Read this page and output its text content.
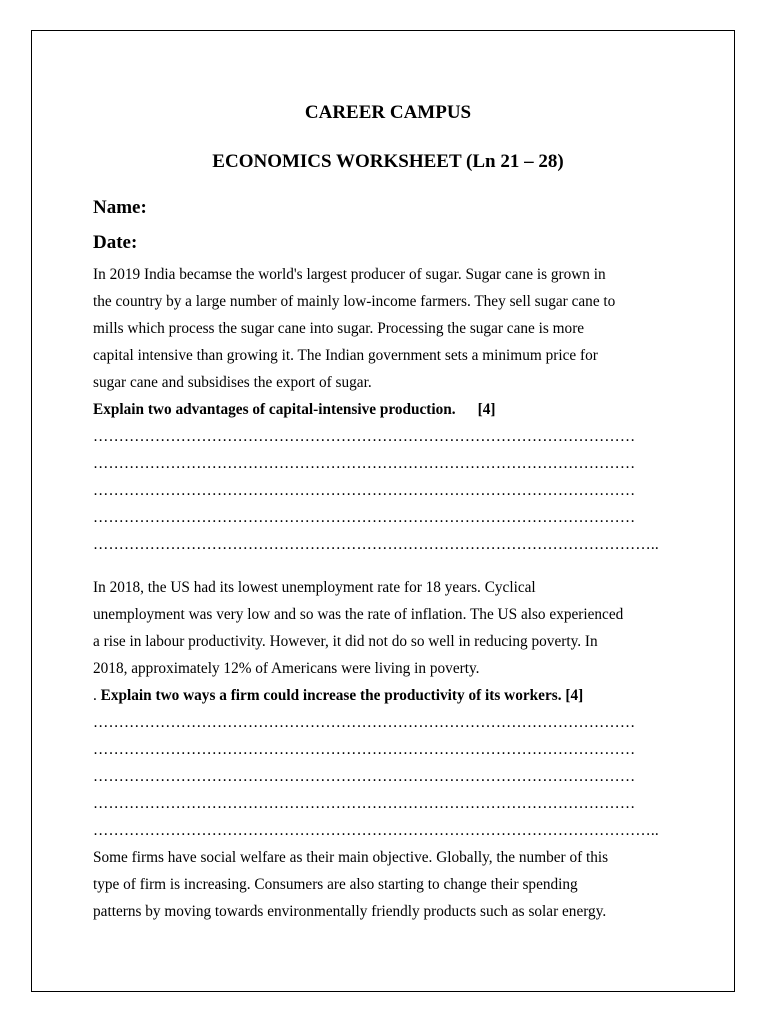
CAREER CAMPUS
ECONOMICS WORKSHEET (Ln 21 – 28)
Name:
Date:

In 2019 India becamse the world's largest producer of sugar. Sugar cane is grown in

the country by a large number of mainly low-income farmers. They sell sugar cane to

mills which process the sugar cane into sugar. Processing the sugar cane is more

capital intensive than growing it. The Indian government sets a minimum price for

sugar cane and subsidises the export of sugar.

Explain two advantages of capital-intensive production. [4]
……………………………………………………………………………………………
……………………………………………………………………………………………
……………………………………………………………………………………………
……………………………………………………………………………………………
………………………………………………………………………………………………..

In 2018, the US had its lowest unemployment rate for 18 years. Cyclical

unemployment was very low and so was the rate of inflation. The US also experienced

a rise in labour productivity. However, it did not do so well in reducing poverty. In

2018, approximately 12% of Americans were living in poverty.

. Explain two ways a firm could increase the productivity of its workers. [4]
……………………………………………………………………………………………
……………………………………………………………………………………………
……………………………………………………………………………………………
……………………………………………………………………………………………
………………………………………………………………………………………………..

Some firms have social welfare as their main objective. Globally, the number of this

type of firm is increasing. Consumers are also starting to change their spending

patterns by moving towards environmentally friendly products such as solar energy.
